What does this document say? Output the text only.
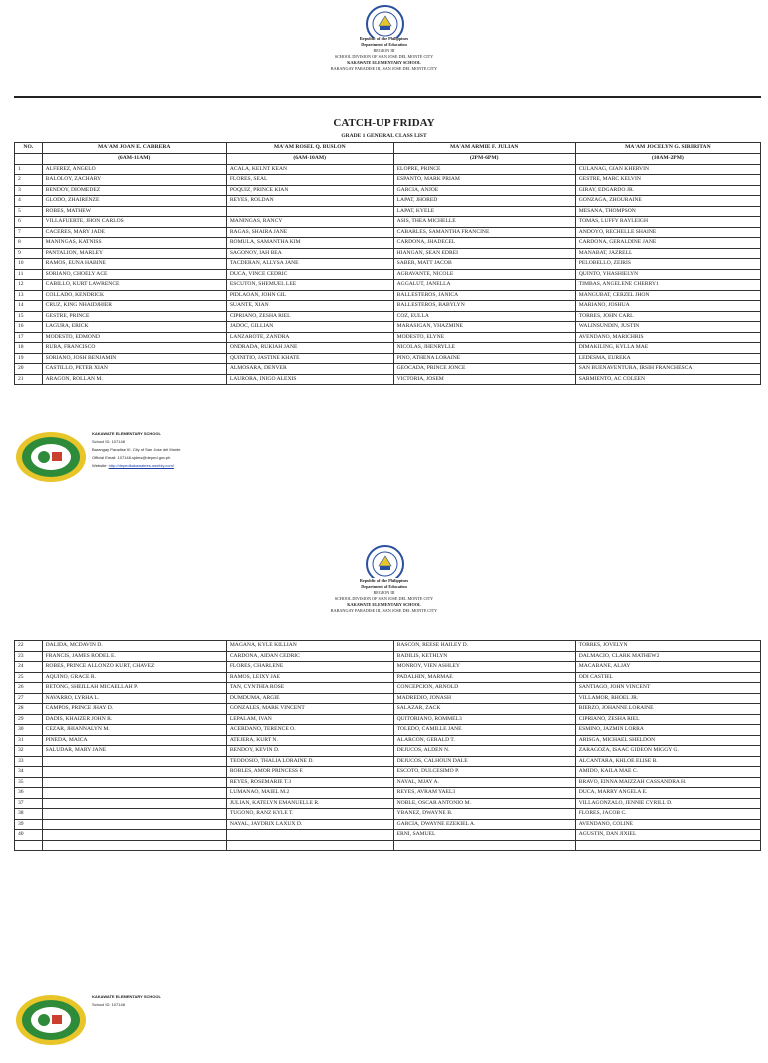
Republic of the Philippines
Department of Education
REGION III
SCHOOL DIVISION OF SAN JOSE DEL MONTE CITY
KAKAWATE ELEMENTARY SCHOOL
BARANGAY PARADISE III, SAN JOSE DEL MONTE CITY
CATCH-UP FRIDAY
GRADE 1 GENERAL CLASS LIST
NO.	MA'AM JOAN E. CABRERA	MA'AM ROSEL Q. BUSLON	MA'AM ARMIE F. JULIAN	MA'AM JOCELYN G. SIRIRITAN
	(6AM-11AM)	(6AM-10AM)	(2PM-6PM)	(10AM-2PM)
1	ALFEREZ, ANGELO	ACALA, KELNT KEAN	ELOPRE, PRINCE	CULANAG, GIAN KHERVIN
2	BALOLOY, ZACHARY	FLORES, SEAL	ESPANTO, MARK PRIAM	GESTRE, MARC KELVIN
3	BENDOY, DIOMEDEZ	POQUIZ, PRINCE KIAN	GARCIA, ANJOE	GIRAY, EDGARDO JR.
4	GLODO, ZHAIRENZE	REYES, ROLDAN	LAPAT, JHORED	GONZAGA, ZHOURAINE
5	ROBES, MATHEW		LAPAT, KYELE	MESANA, THOMPSON
6	VILLAFUERTE, JHON CARLOS	MANINGAS, RANCY	ASIS, THEA MICHELLE	TOMAS, LUFFY RAYLEIGH
7	CACERES, MARY JADE	RAGAS, SHAIRA JANE	CABARLES, SAMANTHA FRANCINE	ANDOYO, RECHELLE SHAINE
8	MANINGAS, KATNISS	ROMULA, SAMANTHA KIM	CARDONA, JHADECEL	CARDONA, GERALDINE JANE
9	PANTALION, MARLEY	SAGONOY, IAH BEA	HIANGAN, SEAN EDREI	MANABAT, JAZRELL
10	RAMOS, EUNA HABINE	TACDERAN, ALLYSA JANE	SABER, MATT JACOB	PELOBELLO, ZEIRIS
11	SORIANO, CHOELY ACE	DUCA, VINCE CEDRIC	AGRAVANTE, NICOLE	QUINTO, YHASHIELYN
12	CABILLO, KURT LAWRENCE	ESCUTON, SHEMUEL LEE	AGGALUT, JANELLA	TIMBAS, ANGELENE CHERRY1
13	COLLADO, KENDRICK	PIDLAOAN, JOHN GIL	BALLESTEROS, JANICA	MANGUBAT, CERZEL JHON
14	CRUZ, KING NHAIDJHIER	SUANTE, XIAN	BALLESTEROS, BABYLYN	MARIANO, JOSHUA
15	GESTRE, PRINCE	CIPRIANO, ZESHA RIEL	COZ, EULLA	TORRES, JOHN CARL
16	LAGURA, ERICK	JADOC, GILLIAN	MARASIGAN, YHAZMINE	WALINSUNDIN, JUSTIN
17	MODESTO, EDMOND	LANZAROTE, ZANDRA	MODESTO, ELYNE	AVENDANO, MARICHRIS
18	RUBA, FRANCISCO	ONDRADA, RUKIAH JANE	NICOLAS, JHENRYLLE	DIMAKILING, KYLLA MAE
19	SORIANO, JOSH BENJAMIN	QUINITIO, JASTINE KHATE	PINO, ATHENA LORAINE	LEDESMA, EUREKA
20	CASTILLO, PETER XIAN	ALMOSARA, DENVER	GEOCADA, PRINCE JONCE	SAN BUENAVENTURA, IRSIH FRANCHESCA
21	ARAGON, ROLLAN M.	LAURORA, INIGO ALEXIS	VICTORIA, JOSEM	SARMIENTO, AC COLEEN
KAKAWATE ELEMENTARY SCHOOL
School ID: 107148
Barangay Paradise III, City of San Jose del Monte
Official Email: 107148.sjdms@deped.gov.ph
Website: http://depedkakawatees.weebly.com/
Republic of the Philippines
Department of Education
REGION III
SCHOOL DIVISION OF SAN JOSE DEL MONTE CITY
KAKAWATE ELEMENTARY SCHOOL
BARANGAY PARADISE III, SAN JOSE DEL MONTE CITY
22	DALIDA, MCDAVIN D.	MAGANA, KYLE KILLIAN	BASCON, REESE HAILEY D.	TORRES, JOVELYN
23	FRANCIS, JAMES RODEL E.	CARDONA, AIDAN CEDRIC	BADILIS, KETHLYN	DALMACIO, CLARK MATHEW2
24	ROBES, PRINCE ALLONZO KURT, CHAVEZ	FLORES, CHARLENE	MONROY, VIEN ASHLEY	MACABANE, ALJAY
25	AQUINO, GRACE R.	RAMOS, LEIXY JAE	PADALHIN, MARMAE	ODI CASTIEL
26	BETONG, SHEILLAH MICAELLAH P.	TAN, CYNTHIA ROSE	CONCEPCION, ARNOLD	SANTIAGO, JOHN VINCENT
27	NAVARRO, LYRHA L.	DUMDUMA, ARGIE	MADREDIO, JONASH	VILLAMOR, RHOEL JR.
28	CAMPOS, PRINCE JHAY D.	GONZALES, MARK VINCENT	SALAZAR, ZACK	BIERZO, JOHANNE LORAINE
29	DADIS, KHAIZER JOHN R.	LEPALAM, IVAN	QUITORIANO, ROMMEL3	CIPRIANO, ZESHA RIEL
30	CEZAR, JHIANNALYN M.	ACERDANO, TERENCE O.	TOLEDO, CAMILLE JANE	ESMINO, JAZMIN LORRA
31	PINEDA, MAICA	ATEJERA, KURT N.	ALARCON, GERALD T.	ARISGA, MICHAEL SHELDON
32	SALUDAR, MARY JANE	BENDOY, KEVIN D.	DEJUCOS, ALDEN N.	ZARAGOZA, ISAAC GIDEON MIGGY G.
33		TEODOSIO, THALIA LORAINE D.	DEJUCOS, CALHOUN DALE	ALCANTARA, KHLOE ELISE B.
34		ROBLES, AMOR PRINCESS F.	ESCOTO, DULCESIMO P.	AMIDO, KAILA MAE C.
35		REYES, ROSEMARIE T.3	NAYAL, MJAY A.	BRAVO, EINNA MAIZZAH CASSANDRA H.
36		LUMANAO, MAIEL M.2	REYES, AVRAM YAEL3	DUCA, MARRY ANGELA E.
37		JULIAN, KATELYN EMANUELLE R.	NOBLE, OSCAR ANTONIO M.	VILLAGONZALO, JENNIE CYRILL D.
38		TUGONO, RANZ KYLE T.	YBANEZ, DWAYNE B.	FLORES, JACOB C.
39		NAYAL, JAYDRIX LAXUX D.	GARCIA, DWAYNE EZEKIEL A.	AVENDANO, COLINE
40			ERNI, SAMUEL	AGUSTIN, DAN JIXIEL

KAKAWATE ELEMENTARY SCHOOL
School ID: 107148
